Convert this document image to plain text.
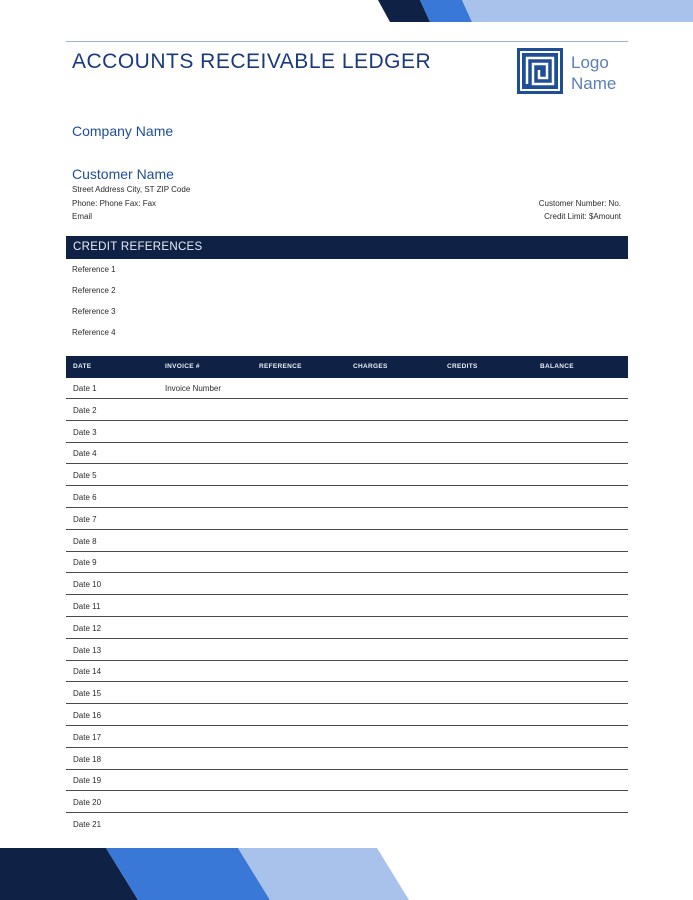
ACCOUNTS RECEIVABLE LEDGER	Logo
Name
Company Name
Customer Name
Street Address City, ST ZIP Code
Phone: Phone Fax: Fax
Email
Customer Number: No.
Credit Limit: $Amount
CREDIT REFERENCES
Reference 1
Reference 2
Reference 3
Reference 4
DATE	INVOICE #	REFERENCE	CHARGES	CREDITS	BALANCE
Date 1	Invoice Number
Date 2
Date 3
Date 4
Date 5
Date 6
Date 7
Date 8
Date 9
Date 10
Date 11
Date 12
Date 13
Date 14
Date 15
Date 16
Date 17
Date 18
Date 19
Date 20
Date 21
